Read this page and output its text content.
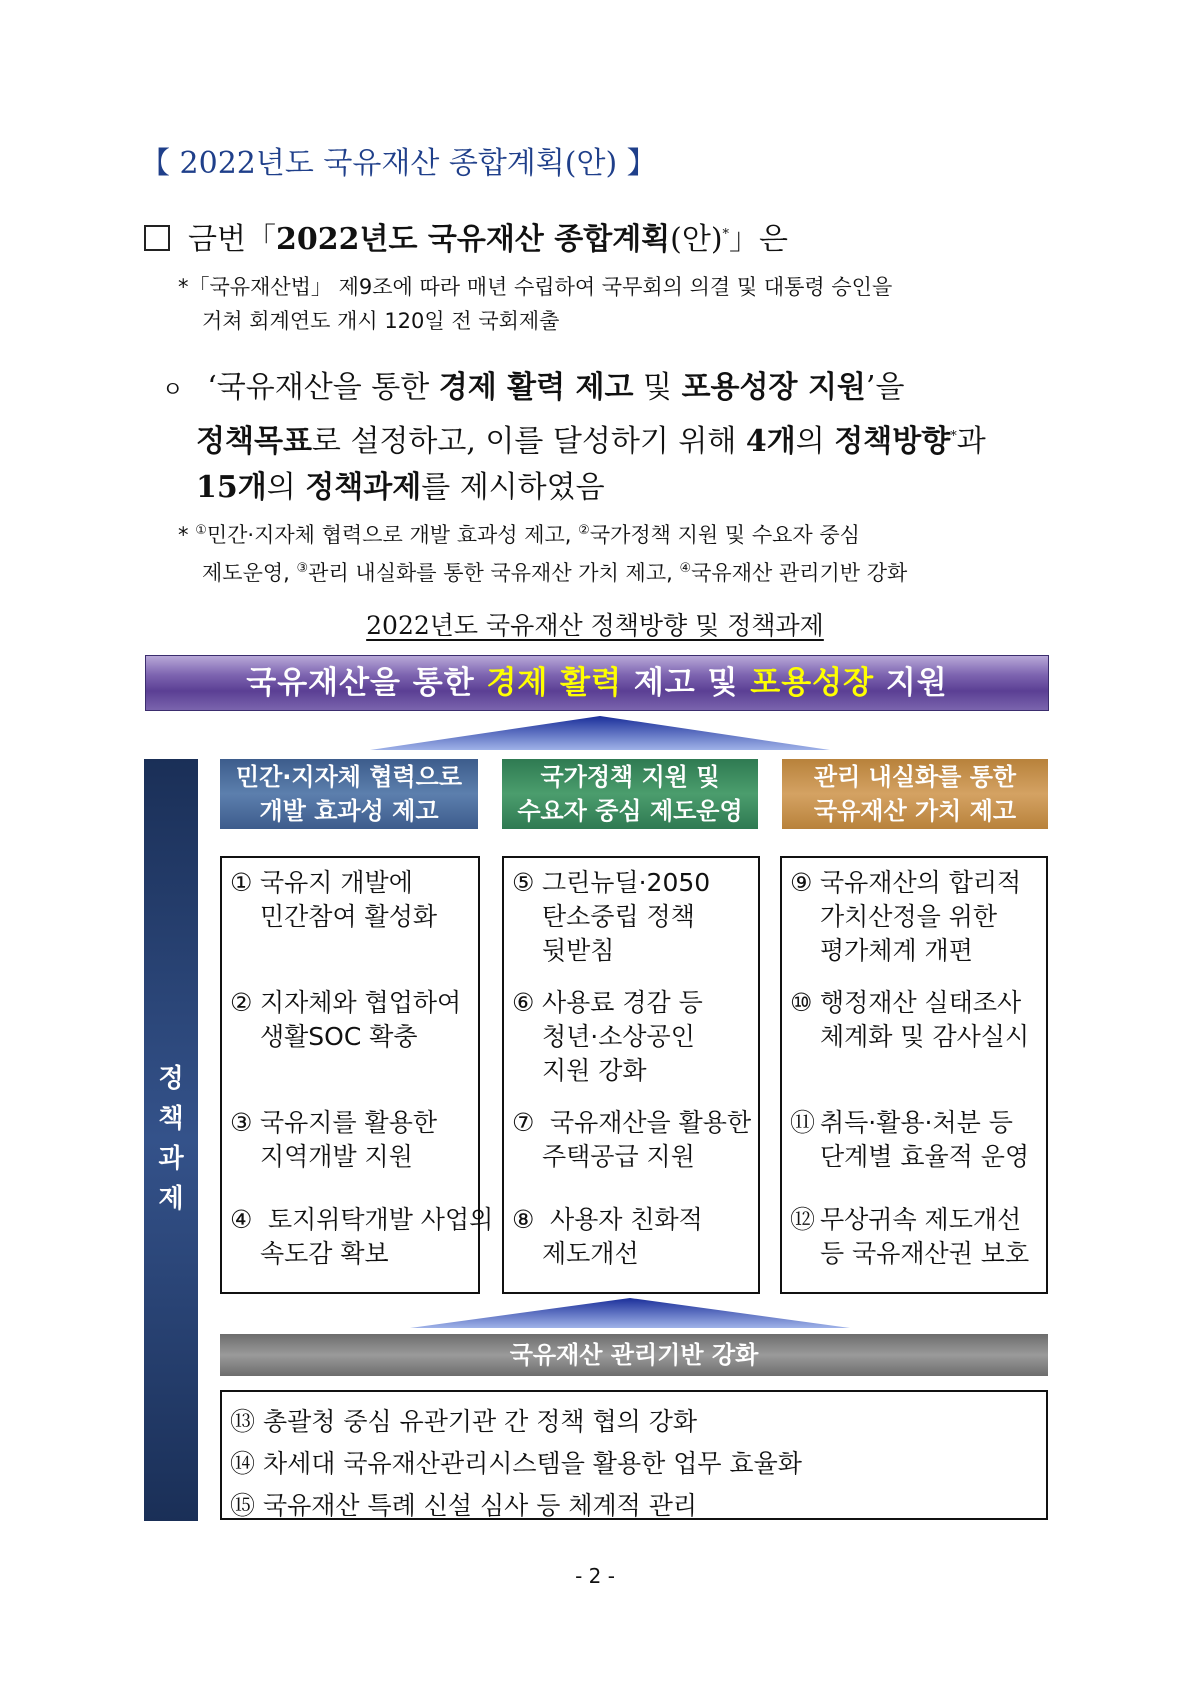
【 2022년도 국유재산 종합계획(안) 】
금번「2022년도 국유재산 종합계획(안)*」은
*「국유재산법」 제9조에 따라 매년 수립하여 국무회의 의결 및 대통령 승인을
거쳐 회계연도 개시 120일 전 국회제출
ㅇ ‘국유재산을 통한 경제 활력 제고 및 포용성장 지원’을
정책목표로 설정하고, 이를 달성하기 위해 4개의 정책방향*과
15개의 정책과제를 제시하였음
* ①민간·지자체 협력으로 개발 효과성 제고, ②국가정책 지원 및 수요자 중심
제도운영, ③관리 내실화를 통한 국유재산 가치 제고, ④국유재산 관리기반 강화
2022년도 국유재산 정책방향 및 정책과제
국유재산을 통한 경제 활력 제고 및 포용성장 지원
정
책
과
제
민간·지자체 협력으로
개발 효과성 제고
국가정책 지원 및
수요자 중심 제도운영
관리 내실화를 통한
국유재산 가치 제고
① 국유지 개발에
민간참여 활성화
② 지자체와 협업하여
생활SOC 확충
③ 국유지를 활용한
지역개발 지원
④ 토지위탁개발 사업의
속도감 확보
⑤ 그린뉴딜·2050
탄소중립 정책
뒷받침
⑥ 사용료 경감 등
청년·소상공인
지원 강화
⑦ 국유재산을 활용한
주택공급 지원
⑧ 사용자 친화적
제도개선
⑨ 국유재산의 합리적
가치산정을 위한
평가체계 개편
⑩ 행정재산 실태조사
체계화 및 감사실시
⑪ 취득·활용·처분 등
단계별 효율적 운영
⑫ 무상귀속 제도개선
등 국유재산권 보호
국유재산 관리기반 강화
⑬ 총괄청 중심 유관기관 간 정책 협의 강화
⑭ 차세대 국유재산관리시스템을 활용한 업무 효율화
⑮ 국유재산 특례 신설 심사 등 체계적 관리
- 2 -
